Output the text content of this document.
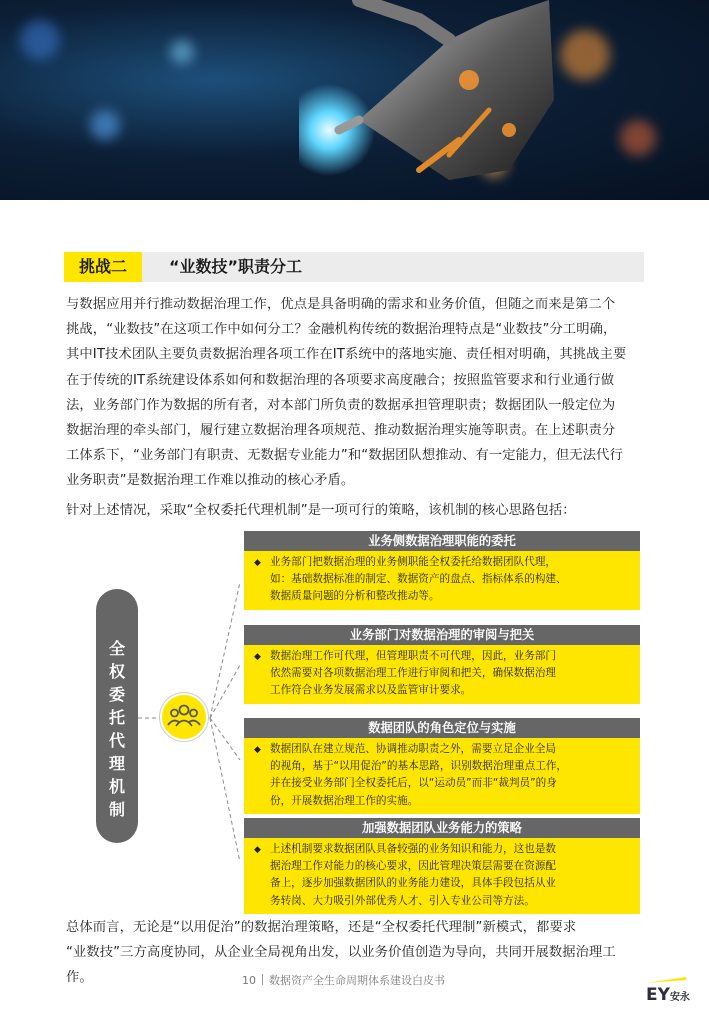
挑战二	“业数技”职责分工
与数据应用并行推动数据治理工作，优点是具备明确的需求和业务价值，但随之而来是第二个
挑战，“业数技”在这项工作中如何分工？金融机构传统的数据治理特点是“业数技”分工明确，
其中IT技术团队主要负责数据治理各项工作在IT系统中的落地实施、责任相对明确，其挑战主要
在于传统的IT系统建设体系如何和数据治理的各项要求高度融合；按照监管要求和行业通行做
法，业务部门作为数据的所有者，对本部门所负责的数据承担管理职责；数据团队一般定位为
数据治理的牵头部门，履行建立数据治理各项规范、推动数据治理实施等职责。在上述职责分
工体系下，“业务部门有职责、无数据专业能力”和“数据团队想推动、有一定能力，但无法代行
业务职责”是数据治理工作难以推动的核心矛盾。
针对上述情况，采取“全权委托代理机制”是一项可行的策略，该机制的核心思路包括：
全
权
委
托
代
理
机
制
业务侧数据治理职能的委托
◆ 业务部门把数据治理的业务侧职能全权委托给数据团队代理，
如：基础数据标准的制定、数据资产的盘点、指标体系的构建、
数据质量问题的分析和整改推动等。
业务部门对数据治理的审阅与把关
◆ 数据治理工作可代理，但管理职责不可代理，因此，业务部门
依然需要对各项数据治理工作进行审阅和把关，确保数据治理
工作符合业务发展需求以及监管审计要求。
数据团队的角色定位与实施
◆ 数据团队在建立规范、协调推动职责之外，需要立足企业全局
的视角，基于“以用促治”的基本思路，识别数据治理重点工作，
并在接受业务部门全权委托后，以“运动员”而非“裁判员”的身
份，开展数据治理工作的实施。
加强数据团队业务能力的策略
◆ 上述机制要求数据团队具备较强的业务知识和能力，这也是数
据治理工作对能力的核心要求，因此管理决策层需要在资源配
备上，逐步加强数据团队的业务能力建设，具体手段包括从业
务转岗、大力吸引外部优秀人才、引入专业公司等方法。
总体而言，无论是“以用促治”的数据治理策略，还是“全权委托代理制”新模式，都要求
“业数技”三方高度协同，从企业全局视角出发，以业务价值创造为导向，共同开展数据治理工
作。	10 数据资产全生命周期体系建设白皮书
EY安永
